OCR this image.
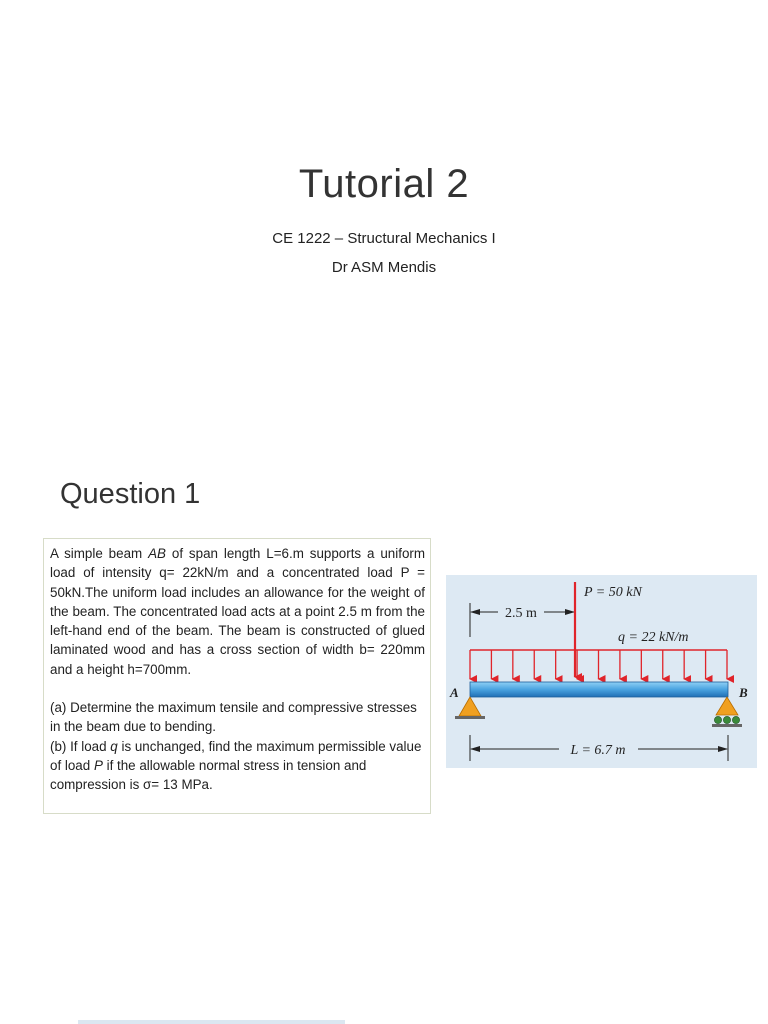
Tutorial 2
CE 1222 – Structural Mechanics I
Dr ASM Mendis
Question 1

A simple beam AB of span length L=6.m supports a uniform load of intensity q= 22kN/m and a concentrated load P = 50kN.The uniform load includes an allowance for the weight of the beam. The concentrated load acts at a point 2.5 m from the left-hand end of the beam. The beam is constructed of glued laminated wood and has a cross section of width b= 220mm and a height h=700mm.

(a) Determine the maximum tensile and compressive stresses in the beam due to bending.

(b) If load q is unchanged, find the maximum permissible value of load P if the allowable normal stress in tension and compression is σ= 13 MPa.

2.5 m
P = 50 kN
q = 22 kN/m
A	B
L = 6.7 m
